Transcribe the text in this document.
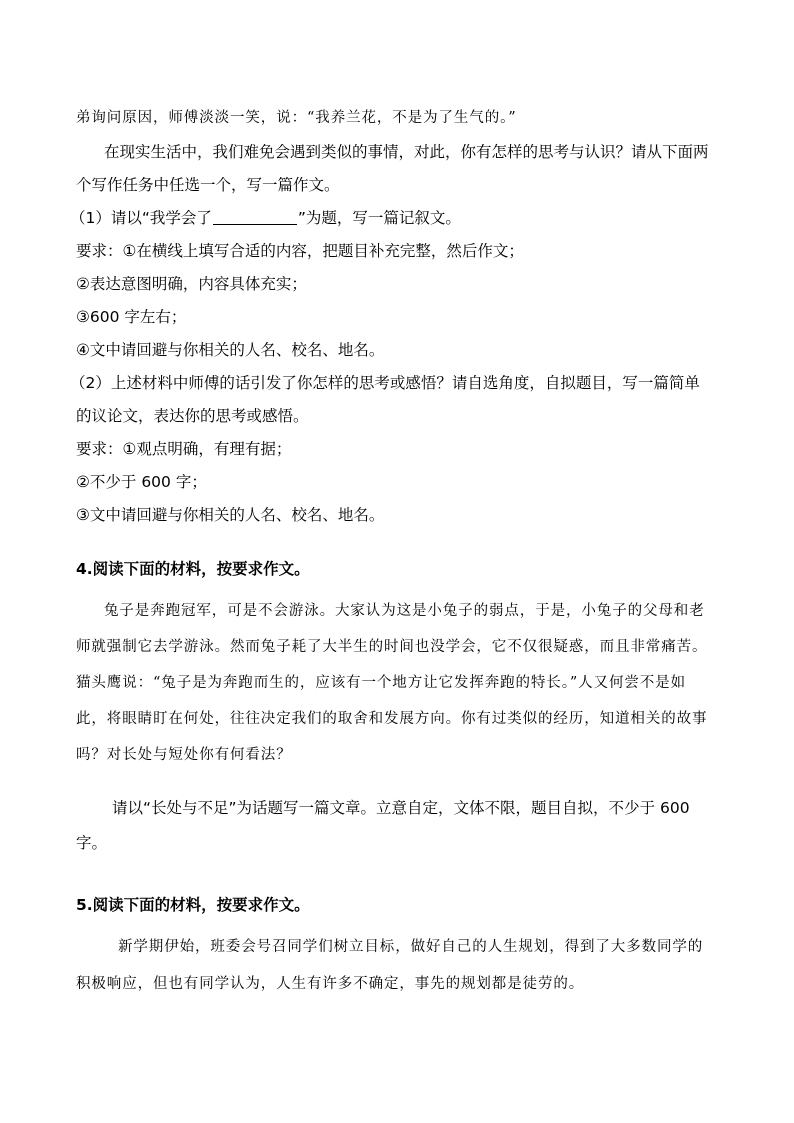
弟询问原因，师傅淡淡一笑，说：“我养兰花，不是为了生气的。”
在现实生活中，我们难免会遇到类似的事情，对此，你有怎样的思考与认识？请从下面两
个写作任务中任选一个，写一篇作文。
（1）请以“我学会了	”为题，写一篇记叙文。
要求：①在横线上填写合适的内容，把题目补充完整，然后作文；
②表达意图明确，内容具体充实；
③600 字左右；
④文中请回避与你相关的人名、校名、地名。
（2）上述材料中师傅的话引发了你怎样的思考或感悟？请自选角度，自拟题目，写一篇简单
的议论文，表达你的思考或感悟。
要求：①观点明确，有理有据；
②不少于 600 字；
③文中请回避与你相关的人名、校名、地名。
4.阅读下面的材料，按要求作文。
兔子是奔跑冠军，可是不会游泳。大家认为这是小兔子的弱点，于是，小兔子的父母和老
师就强制它去学游泳。然而兔子耗了大半生的时间也没学会，它不仅很疑惑，而且非常痛苦。
猫头鹰说：“兔子是为奔跑而生的，应该有一个地方让它发挥奔跑的特长。”人又何尝不是如
此，将眼睛盯在何处，往往决定我们的取舍和发展方向。你有过类似的经历，知道相关的故事
吗？对长处与短处你有何看法？
请以“长处与不足”为话题写一篇文章。立意自定，文体不限，题目自拟，不少于 600
字。
5.阅读下面的材料，按要求作文。
新学期伊始，班委会号召同学们树立目标，做好自己的人生规划，得到了大多数同学的
积极响应，但也有同学认为，人生有许多不确定，事先的规划都是徒劳的。
